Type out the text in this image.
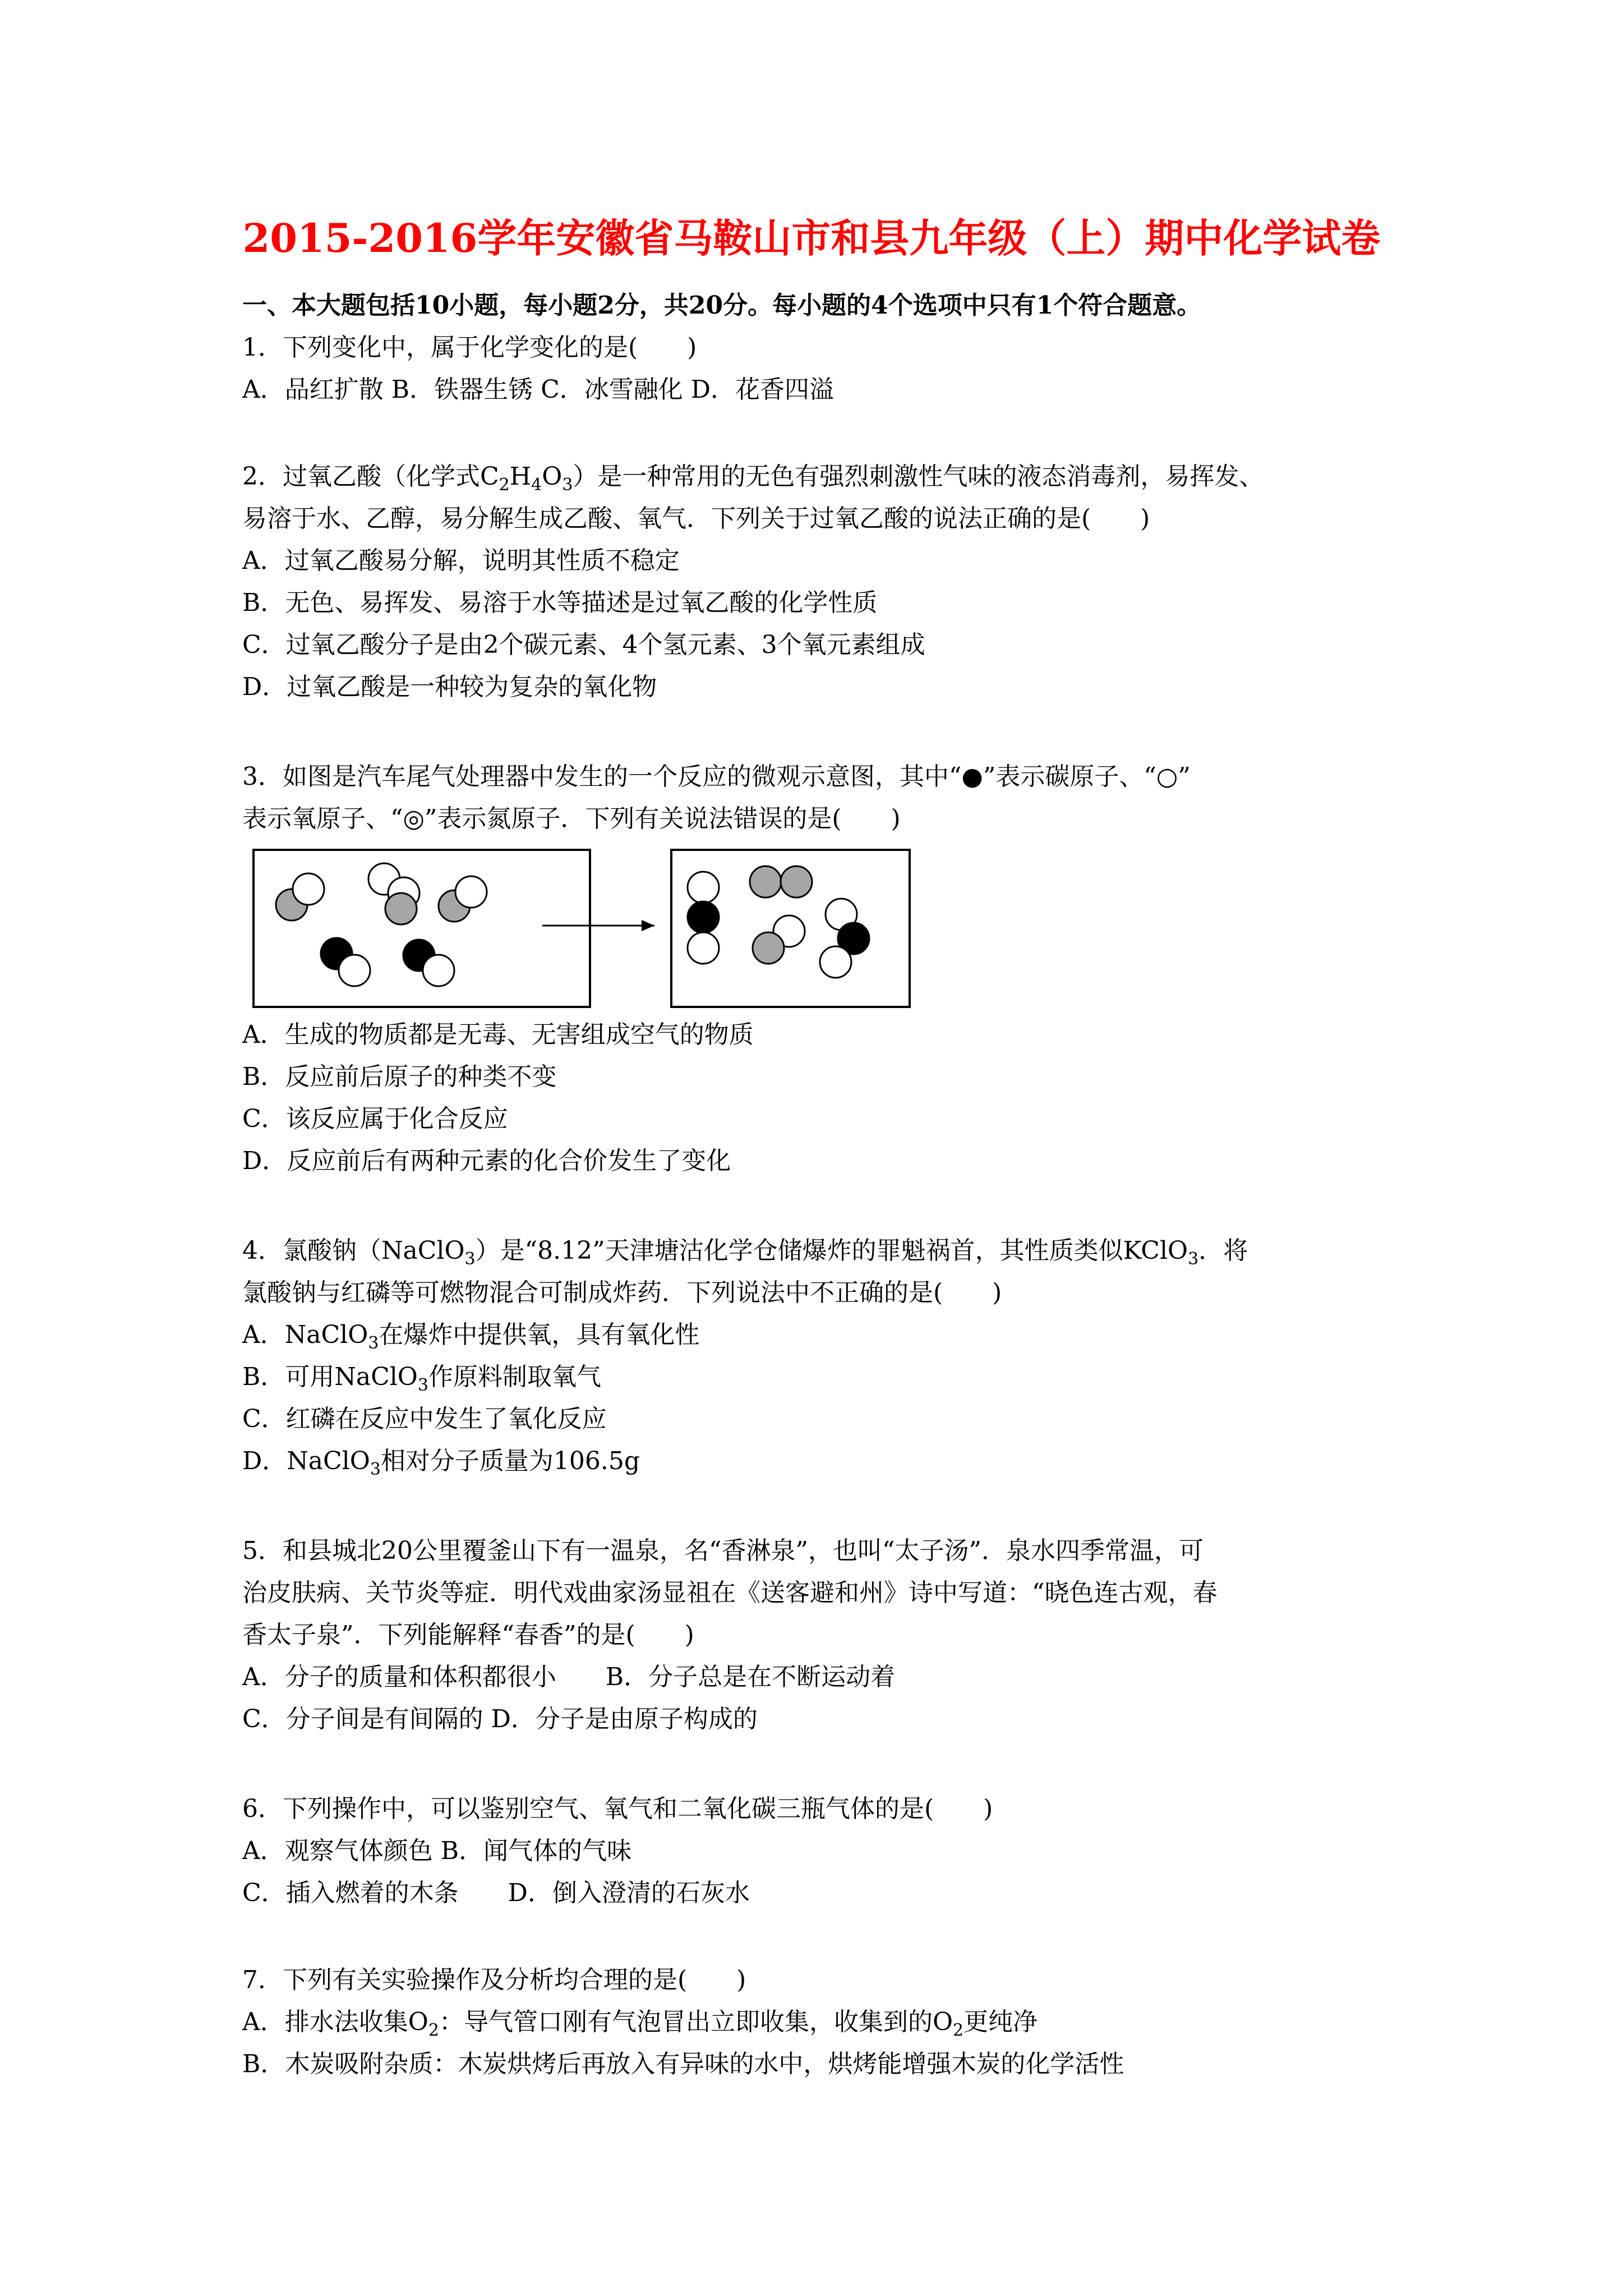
2015-2016学年安徽省马鞍山市和县九年级（上）期中化学试卷
一、本大题包括10小题，每小题2分，共20分。每小题的4个选项中只有1个符合题意。
1．下列变化中，属于化学变化的是(　　)
A．品红扩散 B．铁器生锈 C．冰雪融化 D．花香四溢
2．过氧乙酸（化学式$C_2H_4O_3$）是一种常用的无色有强烈刺激性气味的液态消毒剂，易挥发、
易溶于水、乙醇，易分解生成乙酸、氧气．下列关于过氧乙酸的说法正确的是(　　)
A．过氧乙酸易分解，说明其性质不稳定
B．无色、易挥发、易溶于水等描述是过氧乙酸的化学性质
C．过氧乙酸分子是由2个碳元素、4个氢元素、3个氧元素组成
D．过氧乙酸是一种较为复杂的氧化物
3．如图是汽车尾气处理器中发生的一个反应的微观示意图，其中“●”表示碳原子、“○”
表示氧原子、“◎”表示氮原子．下列有关说法错误的是(　　)
A．生成的物质都是无毒、无害组成空气的物质
B．反应前后原子的种类不变
C．该反应属于化合反应
D．反应前后有两种元素的化合价发生了变化
4．氯酸钠（NaClO$_3$）是“8.12”天津塘沽化学仓储爆炸的罪魁祸首，其性质类似KClO$_3$．将
氯酸钠与红磷等可燃物混合可制成炸药．下列说法中不正确的是(　　)
A．NaClO$_3$在爆炸中提供氧，具有氧化性
B．可用NaClO$_3$作原料制取氧气
C．红磷在反应中发生了氧化反应
D．NaClO$_3$相对分子质量为106.5g
5．和县城北20公里覆釜山下有一温泉，名“香淋泉”，也叫“太子汤”．泉水四季常温，可
治皮肤病、关节炎等症．明代戏曲家汤显祖在《送客避和州》诗中写道：“晓色连古观，春
香太子泉”．下列能解释“春香”的是(　　)
A．分子的质量和体积都很小　　B．分子总是在不断运动着
C．分子间是有间隔的 D．分子是由原子构成的
6．下列操作中，可以鉴别空气、氧气和二氧化碳三瓶气体的是(　　)
A．观察气体颜色 B．闻气体的气味
C．插入燃着的木条　　D．倒入澄清的石灰水
7．下列有关实验操作及分析均合理的是(　　)
A．排水法收集$O_2$：导气管口刚有气泡冒出立即收集，收集到的$O_2$更纯净
B．木炭吸附杂质：木炭烘烤后再放入有异味的水中，烘烤能增强木炭的化学活性
